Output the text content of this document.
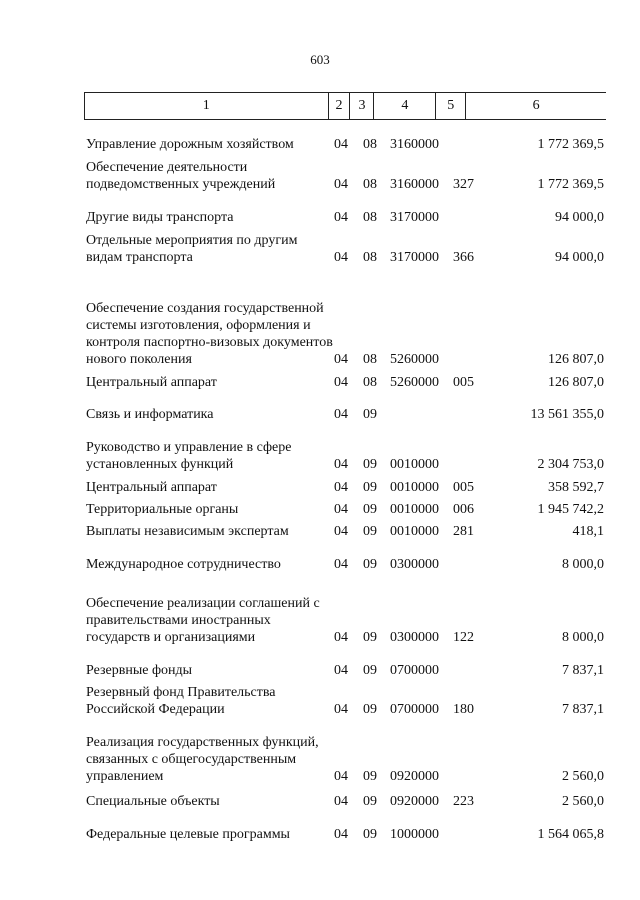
603
1	2	3	4	5	6
Управление дорожным хозяйством	04 08 3160000	1 772 369,5
Обеспечение деятельности подведомственных учреждений	04 08 3160000 327	1 772 369,5
Другие виды транспорта	04 08 3170000	94 000,0
Отдельные мероприятия по другим видам транспорта	04 08 3170000 366	94 000,0
Обеспечение создания государственной системы изготовления, оформления и контроля паспортно-визовых документов нового поколения	04 08 5260000	126 807,0
Центральный аппарат	04 08 5260000 005	126 807,0
Связь и информатика	04 09	13 561 355,0
Руководство и управление в сфере установленных функций	04 09 0010000	2 304 753,0
Центральный аппарат	04 09 0010000 005	358 592,7
Территориальные органы	04 09 0010000 006	1 945 742,2
Выплаты независимым экспертам	04 09 0010000 281	418,1
Международное сотрудничество	04 09 0300000	8 000,0
Обеспечение реализации соглашений с правительствами иностранных государств и организациями	04 09 0300000 122	8 000,0
Резервные фонды	04 09 0700000	7 837,1
Резервный фонд Правительства Российской Федерации	04 09 0700000 180	7 837,1
Реализация государственных функций, связанных с общегосударственным управлением	04 09 0920000	2 560,0
Специальные объекты	04 09 0920000 223	2 560,0
Федеральные целевые программы	04 09 1000000	1 564 065,8
